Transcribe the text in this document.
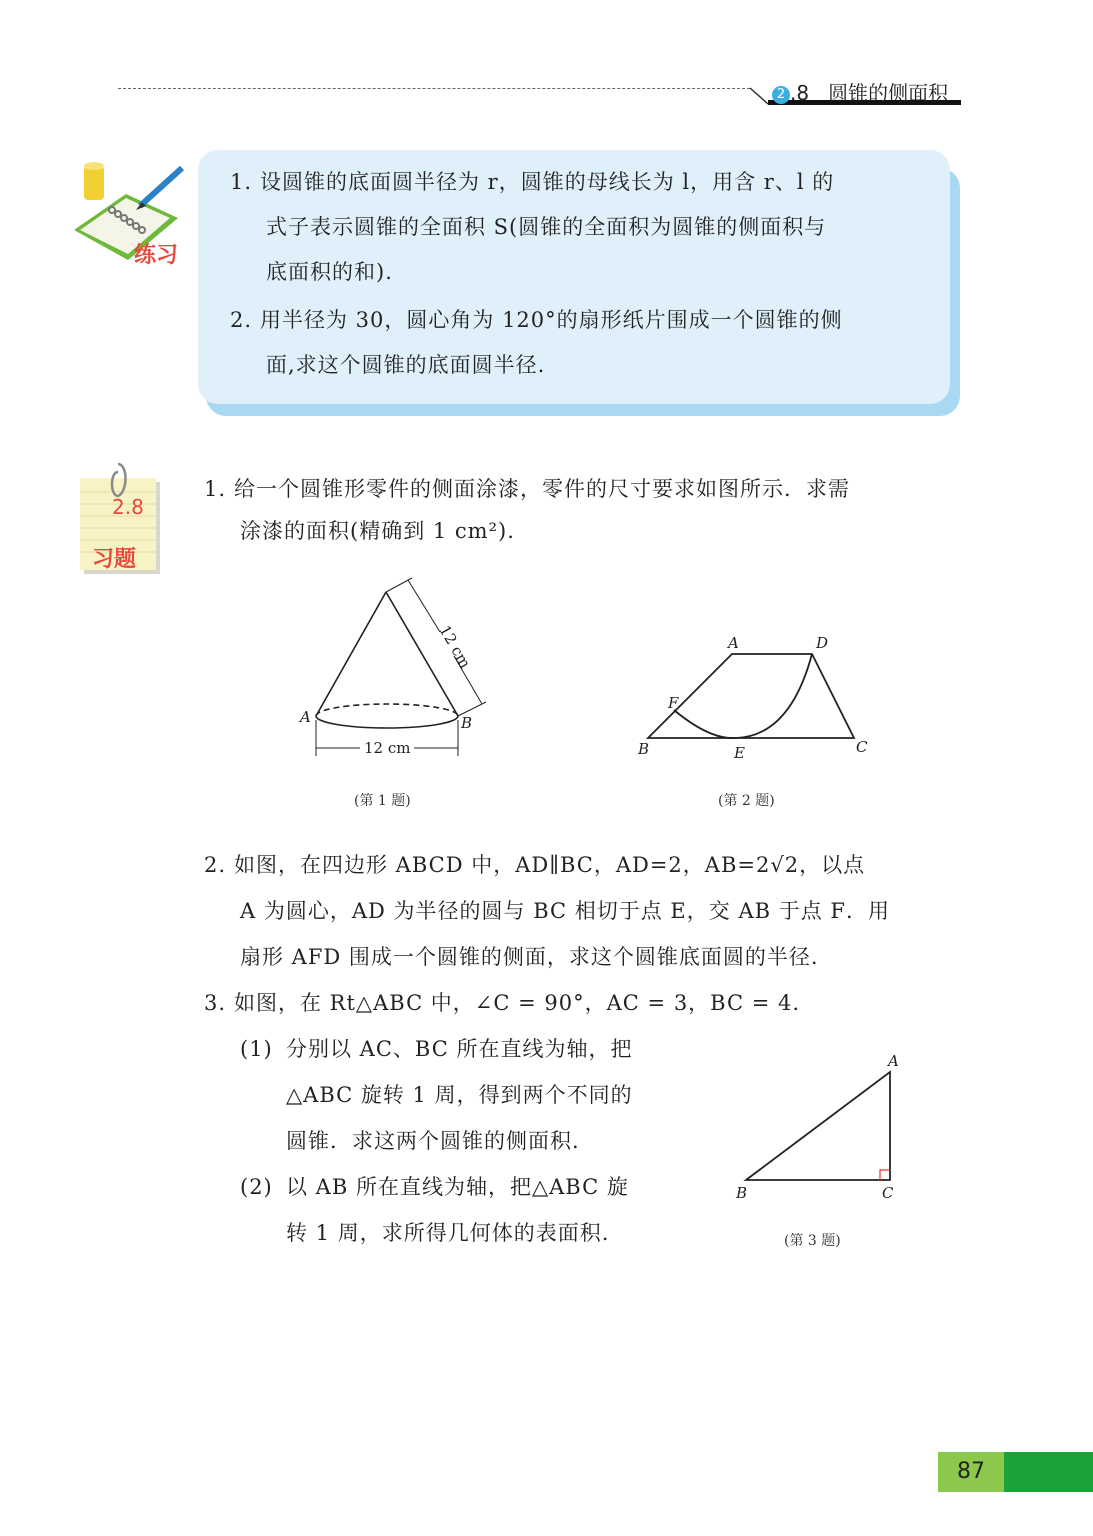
2 .8 圆锥的侧面积
练习
1. 设圆锥的底面圆半径为 r，圆锥的母线长为 l，用含 r、l 的
式子表示圆锥的全面积 S(圆锥的全面积为圆锥的侧面积与
底面积的和).
2. 用半径为 30，圆心角为 120°的扇形纸片围成一个圆锥的侧
面,求这个圆锥的底面圆半径.
2.8
习题
1. 给一个圆锥形零件的侧面涂漆，零件的尺寸要求如图所示．求需
涂漆的面积(精确到 1 cm²).
12 cm
12 cm
A	B
(第 1 题)
A	D
F
B	E	C
(第 2 题)
2. 如图，在四边形 ABCD 中，AD∥BC，AD=2，AB=2√2，以点
A 为圆心，AD 为半径的圆与 BC 相切于点 E，交 AB 于点 F．用
扇形 AFD 围成一个圆锥的侧面，求这个圆锥底面圆的半径.
3. 如图，在 Rt△ABC 中，∠C = 90°，AC = 3，BC = 4.
(1) 分别以 AC、BC 所在直线为轴，把
△ABC 旋转 1 周，得到两个不同的
圆锥．求这两个圆锥的侧面积.
(2) 以 AB 所在直线为轴，把△ABC 旋
转 1 周，求所得几何体的表面积.
A
B	C
(第 3 题)
87
